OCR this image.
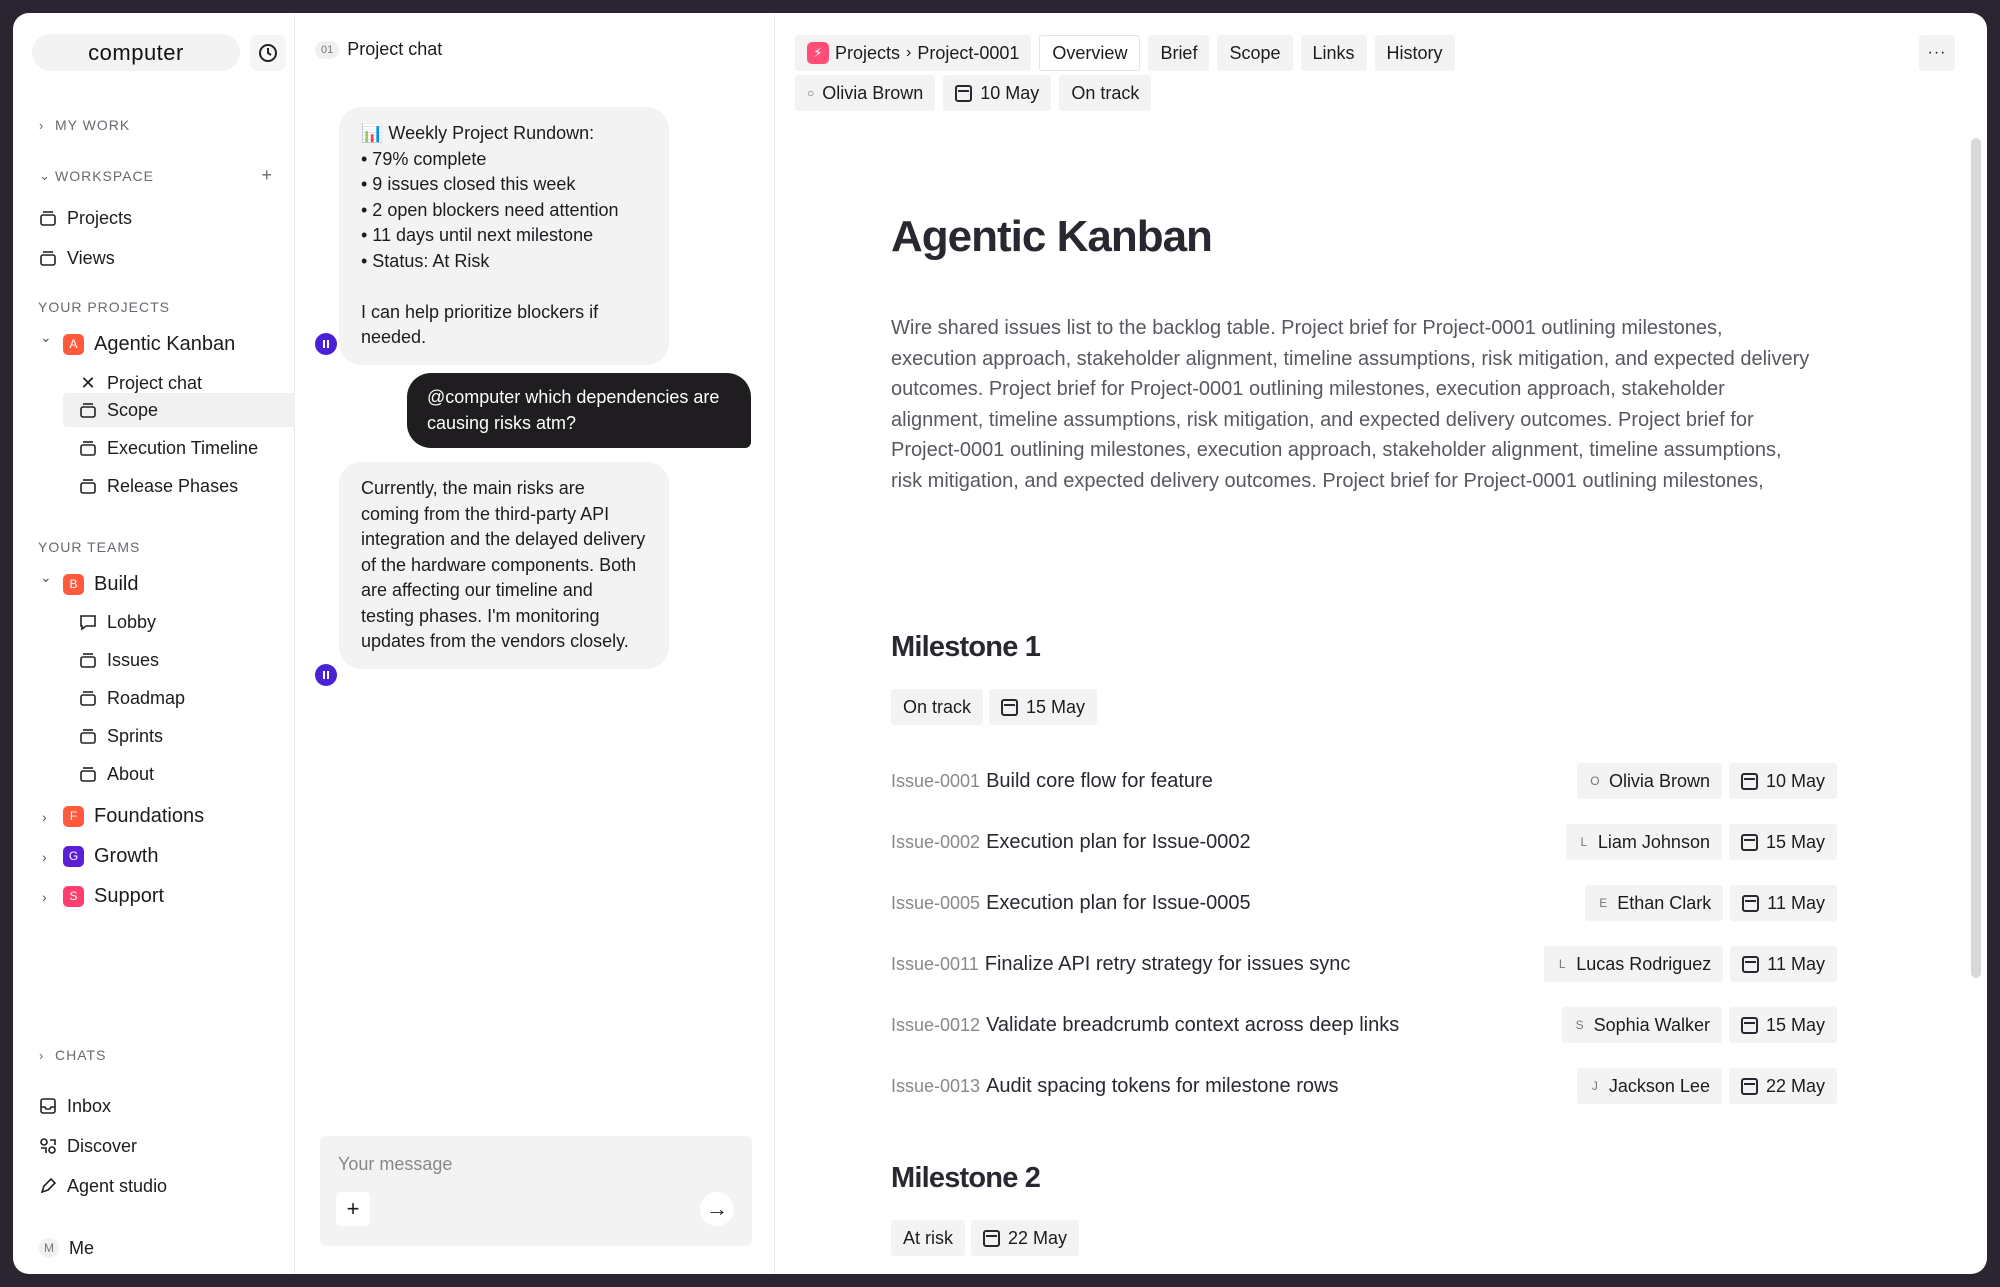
computer
› MY WORK
⌄ WORKSPACE	+
Projects
Views
YOUR PROJECTS
⌄	A Agentic Kanban
✕ Project chat
Scope
Execution Timeline
Release Phases
YOUR TEAMS
⌄	B Build
Lobby
Issues
Roadmap
Sprints
About
›	F Foundations
›	G Growth
›	S Support
› CHATS
Inbox
Discover
Agent studio
M Me
01 Project chat
📊 Weekly Project Rundown:
• 79% complete
• 9 issues closed this week
• 2 open blockers need attention
• 11 days until next milestone
• Status: At Risk

I can help prioritize blockers if needed.
@computer which dependencies are causing risks atm?
Currently, the main risks are coming from the third-party API integration and the delayed delivery of the hardware components. Both are affecting our timeline and testing phases. I'm monitoring updates from the vendors closely.
Your message
+	→
⚡ Projects › Project-0001	Overview	Brief	Scope	Links	History	···
○ Olivia Brown	10 May	On track
Agentic Kanban

Wire shared issues list to the backlog table. Project brief for Project-0001 outlining milestones, execution approach, stakeholder alignment, timeline assumptions, risk mitigation, and expected delivery outcomes. Project brief for Project-0001 outlining milestones, execution approach, stakeholder alignment, timeline assumptions, risk mitigation, and expected delivery outcomes. Project brief for Project-0001 outlining milestones, execution approach, stakeholder alignment, timeline assumptions, risk mitigation, and expected delivery outcomes. Project brief for Project-0001 outlining milestones,

Milestone 1
On track	15 May
Issue-0001 Build core flow for feature	O Olivia Brown	10 May
Issue-0002 Execution plan for Issue-0002	L Liam Johnson	15 May
Issue-0005 Execution plan for Issue-0005	E Ethan Clark	11 May
Issue-0011 Finalize API retry strategy for issues sync	L Lucas Rodriguez	11 May
Issue-0012 Validate breadcrumb context across deep links	S Sophia Walker	15 May
Issue-0013 Audit spacing tokens for milestone rows	J Jackson Lee	22 May
Milestone 2
At risk	22 May
